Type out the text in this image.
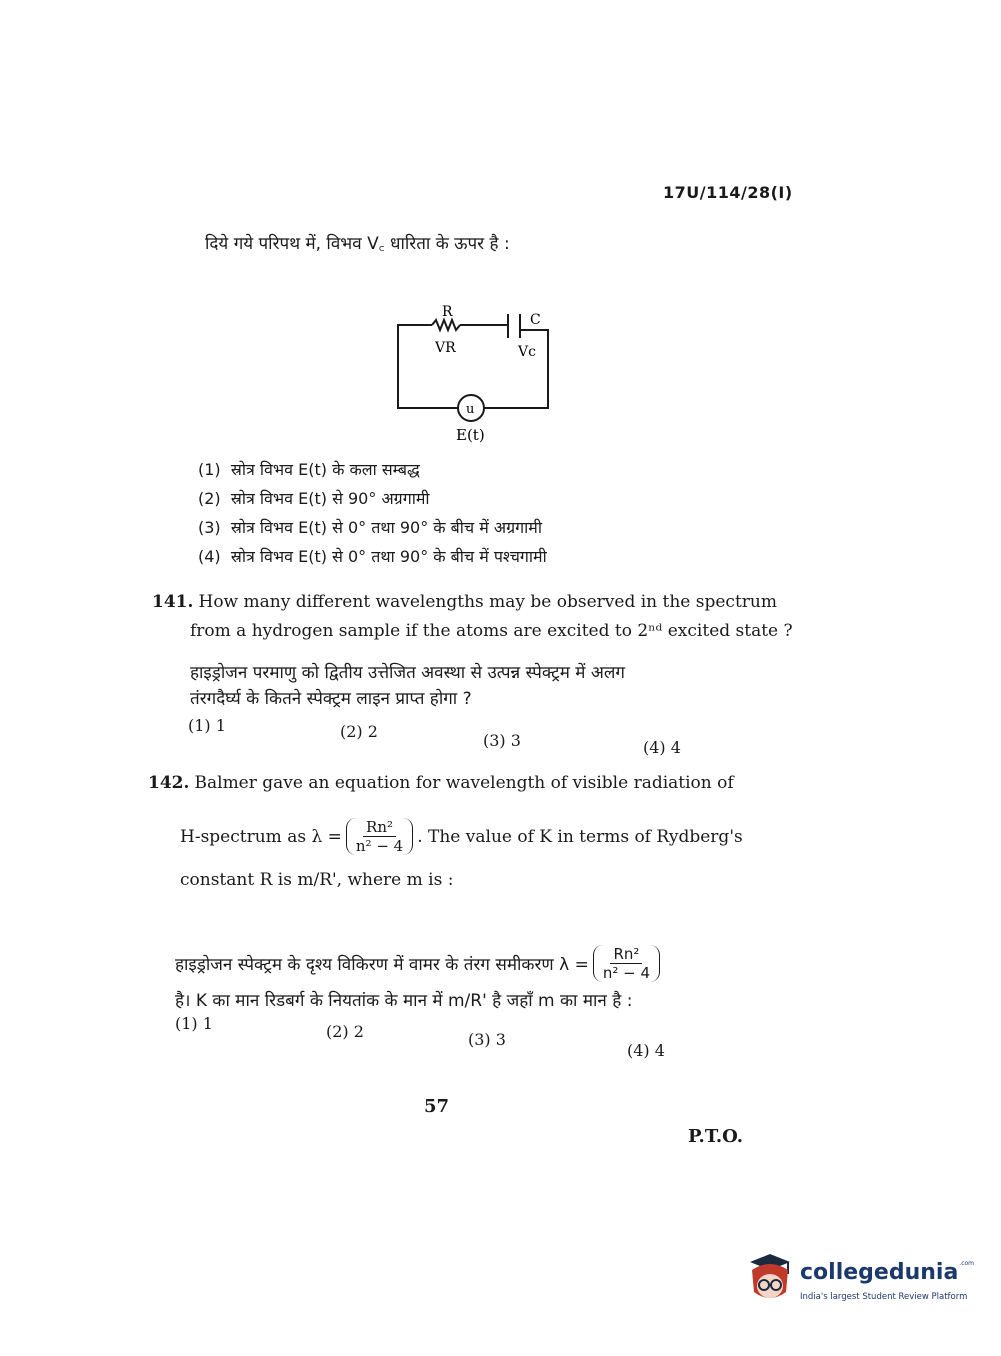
17U/114/28(I)
दिये गये परिपथ में, विभव V꜀ धारिता के ऊपर है :
R
VR
C
Vc
u
E(t)
(1) स्रोत्र विभव E(t) के कला सम्बद्ध
(2) स्रोत्र विभव E(t) से 90° अग्रगामी
(3) स्रोत्र विभव E(t) से 0° तथा 90° के बीच में अग्रगामी
(4) स्रोत्र विभव E(t) से 0° तथा 90° के बीच में पश्चगामी
141. How many different wavelengths may be observed in the spectrum
from a hydrogen sample if the atoms are excited to 2ⁿᵈ excited state ?
हाइड्रोजन परमाणु को द्वितीय उत्तेजित अवस्था से उत्पन्न स्पेक्ट्रम में अलग
तंरगदैर्घ्य के कितने स्पेक्ट्रम लाइन प्राप्त होगा ?
(1) 1	(2) 2	(3) 3	(4) 4
142. Balmer gave an equation for wavelength of visible radiation of
H-spectrum as $\lambda = \frac{\text{Rn²}}{\text{n² − 4}}$ . The value of K in terms of Rydberg's
constant R is m/R', where m is :
हाइड्रोजन स्पेक्ट्रम के दृश्य विकिरण में वामर के तंरग समीकरण $\lambda = \frac{\text{Rn²}}{\text{n² − 4}}$
है। K का मान रिडबर्ग के नियतांक के मान में m/R' है जहाँ m का मान है :
(1) 1	(2) 2	(3) 3
(4) 4
57
P.T.O.
collegedunia .com
India's largest Student Review Platform
